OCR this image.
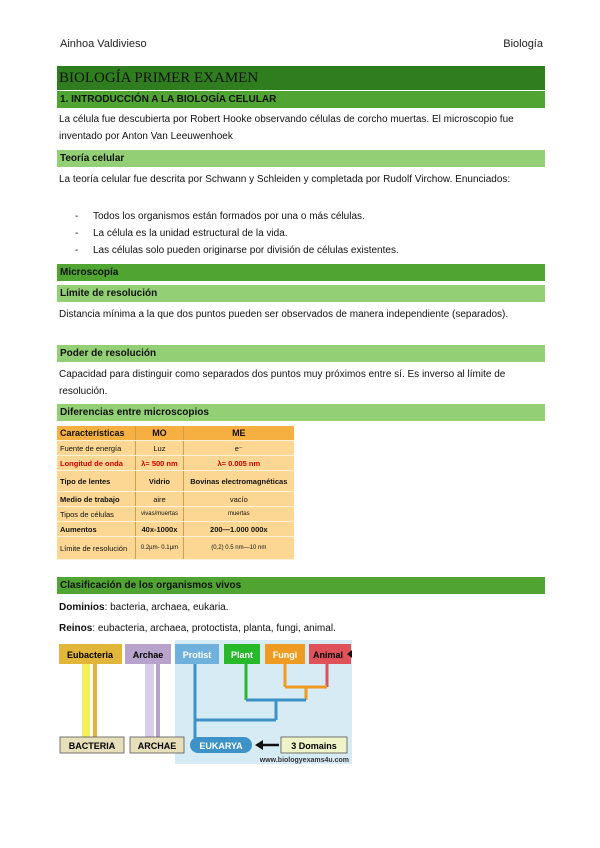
Ainhoa Valdivieso	Biología
BIOLOGÍA PRIMER EXAMEN
1. INTRODUCCIÓN A LA BIOLOGÍA CELULAR
La célula fue descubierta por Robert Hooke observando células de corcho muertas. El microscopio fue inventado por Anton Van Leeuwenhoek
Teoría celular
La teoría celular fue descrita por Schwann y Schleiden y completada por Rudolf Virchow. Enunciados:
- Todos los organismos están formados por una o más células.
- La célula es la unidad estructural de la vida.
- Las células solo pueden originarse por división de células existentes.
Microscopía
Límite de resolución
Distancia mínima a la que dos puntos pueden ser observados de manera independiente (separados).
Poder de resolución
Capacidad para distinguir como separados dos puntos muy próximos entre sí. Es inverso al límite de resolución.
Diferencias entre microscopios
Características	MO	ME
Fuente de energía	Luz	e⁻
Longitud de onda	λ= 500 nm	λ= 0.005 nm
Tipo de lentes	Vidrio	Bovinas electromagnéticas
Medio de trabajo	aire	vacío
Tipos de células	vivas/muertas	muertas
Aumentos	40x-1000x	200—1.000 000x
Límite de resolución	0.2µm- 0.1µm	(0,2) 0.5 nm—10 nm
Clasificación de los organismos vivos
Dominios: bacteria, archaea, eukaria.
Reinos: eubacteria, archaea, protoctista, planta, fungi, animal.
Eubacteria Archae Protist Plant Fungi Animal
BACTERIA ARCHAE	EUKARYA	3 Domains
www.biologyexams4u.com
